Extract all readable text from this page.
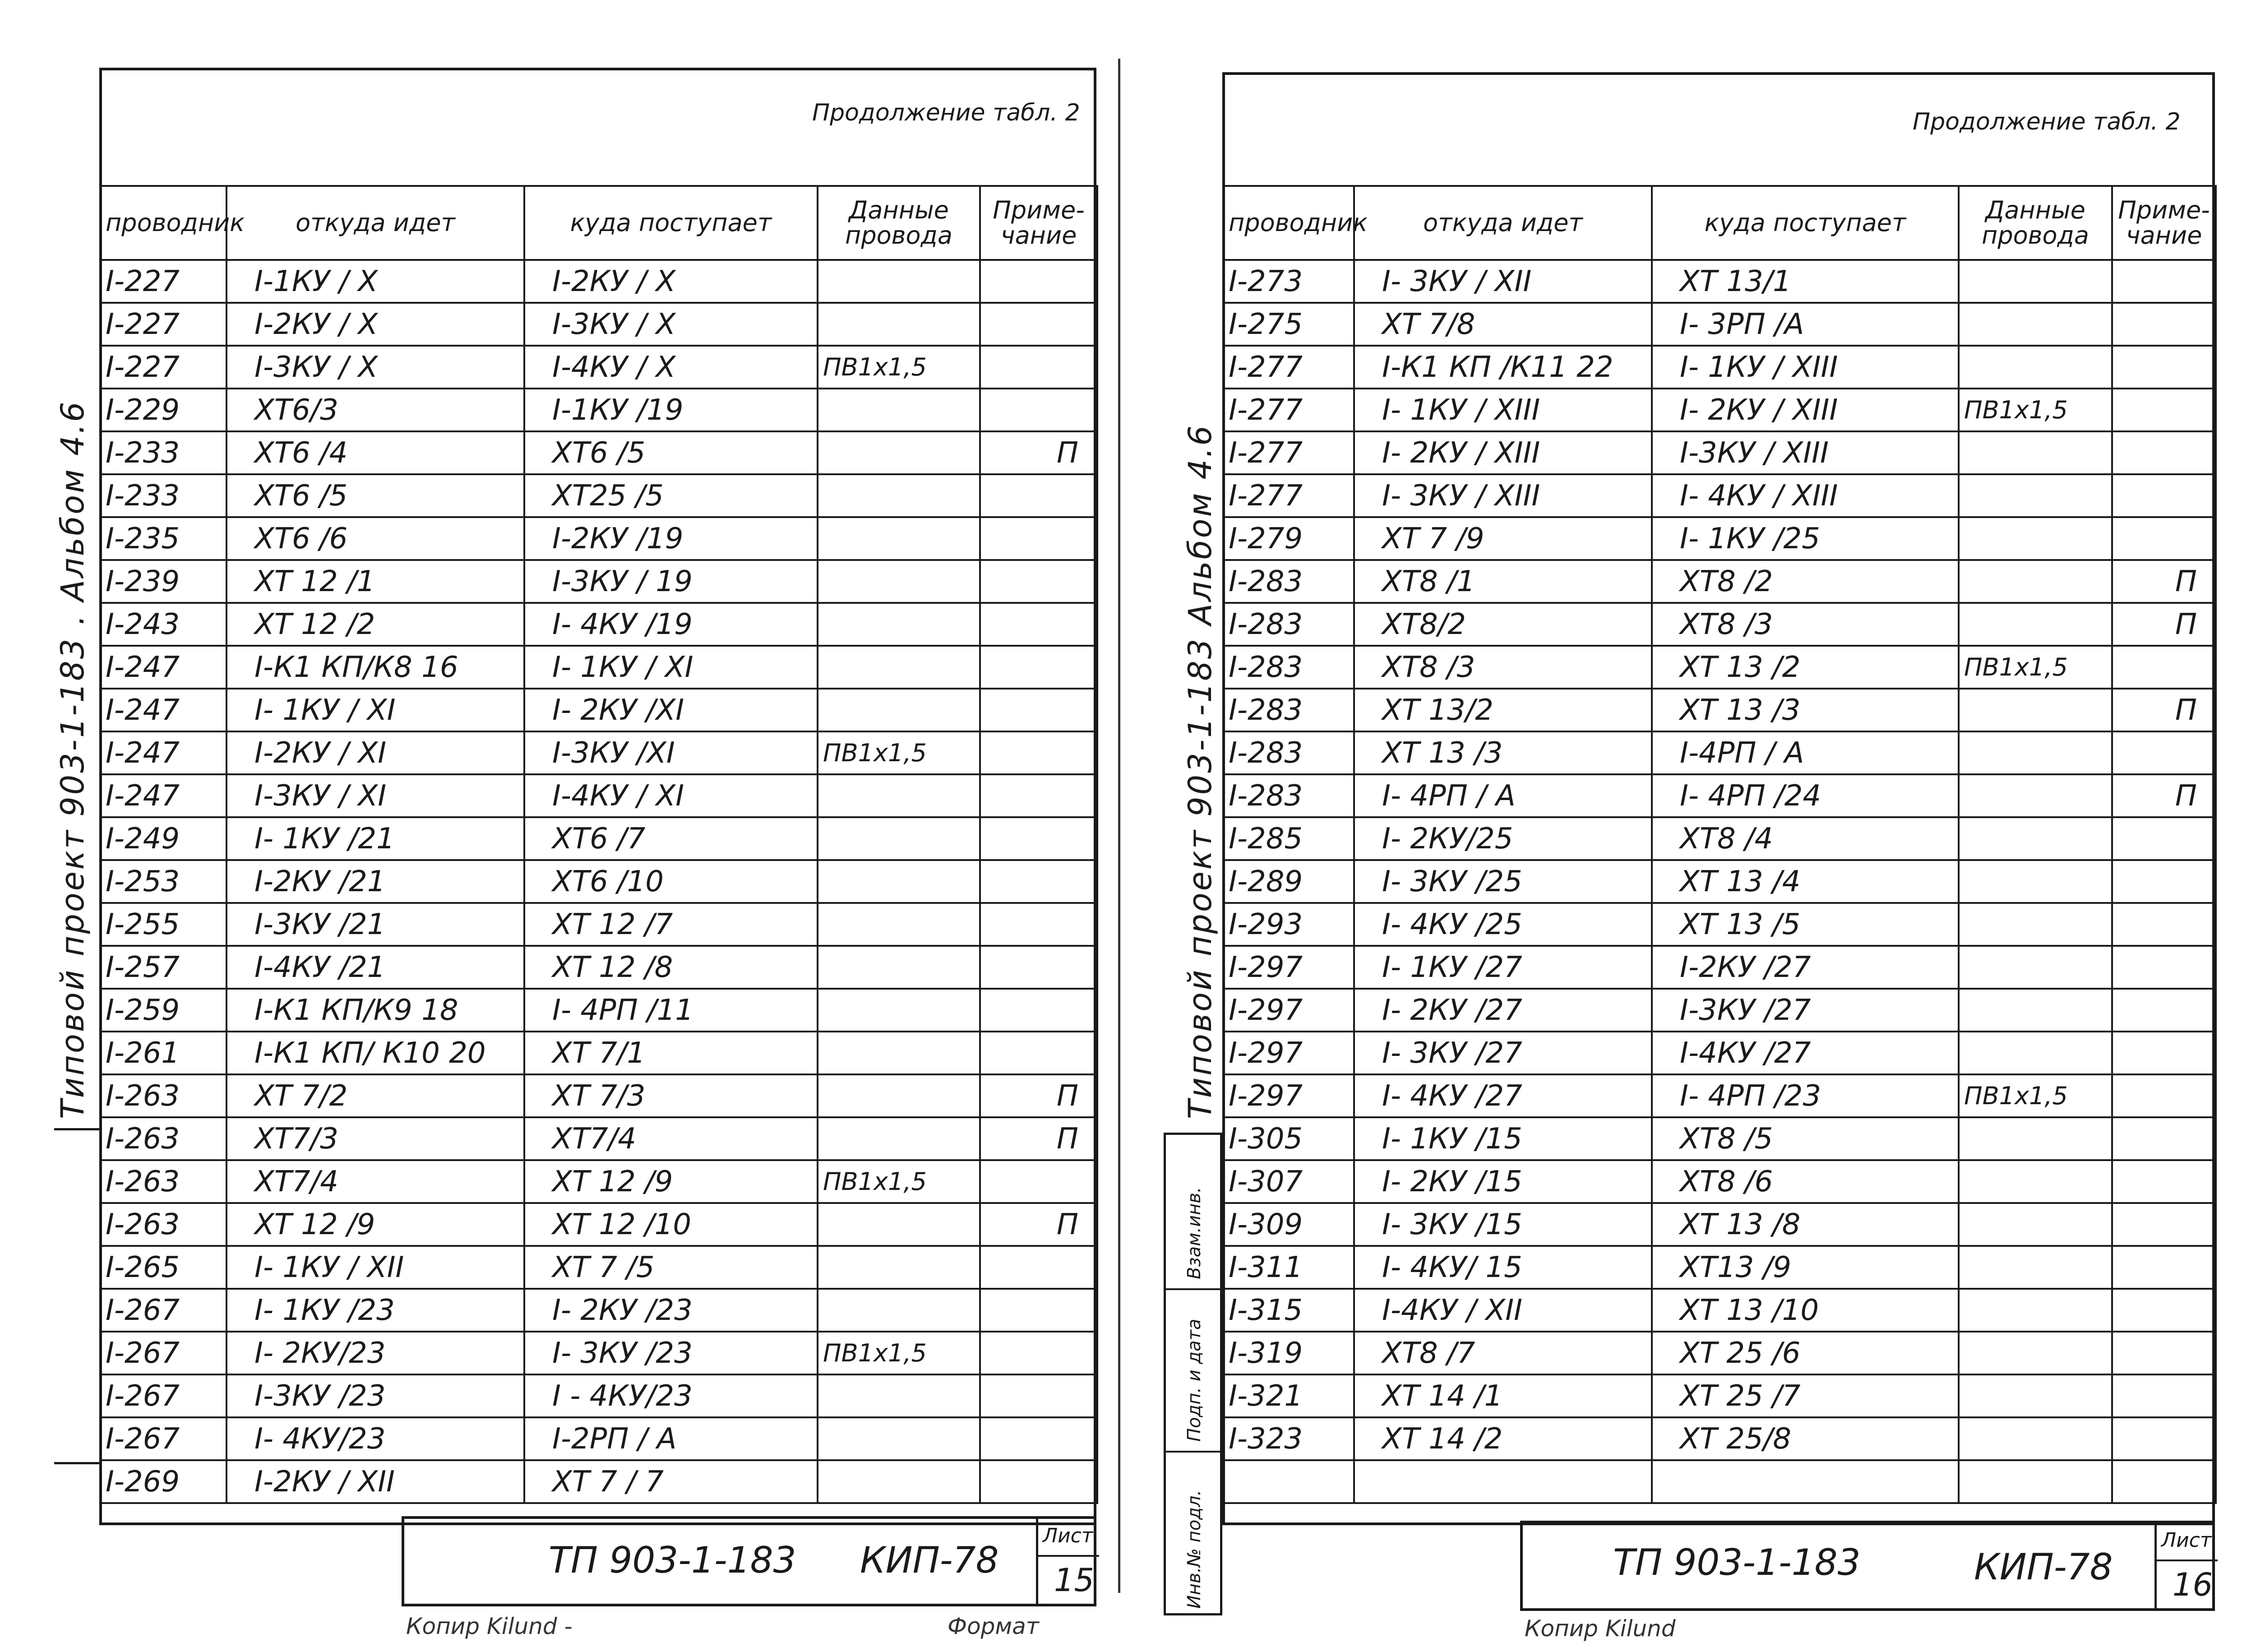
Продолжение табл. 2
Типовой проект 903-1-183 . Альбом 4.6
проводник	откуда идет	куда поступает	Данные провода	Приме- чание
I-227	I-1КУ / X	I-2КУ / X		
I-227	I-2КУ / X	I-3КУ / X		
I-227	I-3КУ / X	I-4КУ / X	ПВ1х1,5	
I-229	ХТ6/3	I-1КУ /19		
I-233	ХТ6 /4	ХТ6 /5		П
I-233	ХТ6 /5	ХТ25 /5		
I-235	ХТ6 /6	I-2КУ /19		
I-239	ХТ 12 /1	I-3КУ / 19		
I-243	ХТ 12 /2	I- 4КУ /19		
I-247	I-К1 КП/К8 16	I- 1КУ / XI		
I-247	I- 1КУ / XI	I- 2КУ /XI		
I-247	I-2КУ / XI	I-3КУ /XI	ПВ1х1,5	
I-247	I-3КУ / XI	I-4КУ / XI		
I-249	I- 1КУ /21	ХТ6 /7		
I-253	I-2КУ /21	ХТ6 /10		
I-255	I-3КУ /21	ХТ 12 /7		
I-257	I-4КУ /21	ХТ 12 /8		
I-259	I-К1 КП/К9 18	I- 4РП /11		
I-261	I-К1 КП/ К10 20	ХТ 7/1		
I-263	ХТ 7/2	ХТ 7/3		П
I-263	ХТ7/3	ХТ7/4		П
I-263	ХТ7/4	ХТ 12 /9	ПВ1х1,5	
I-263	ХТ 12 /9	ХТ 12 /10		П
I-265	I- 1КУ / XII	ХТ 7 /5		
I-267	I- 1КУ /23	I- 2КУ /23		
I-267	I- 2КУ/23	I- 3КУ /23	ПВ1х1,5	
I-267	I-3КУ /23	I - 4КУ/23		
I-267	I- 4КУ/23	I-2РП / А		
I-269	I-2КУ / XII	ХТ 7 / 7		
ТП 903-1-183 КИП-78
Лист
15
Копир Kilund -	Формат
Продолжение табл. 2
Типовой проект 903-1-183 Альбом 4.6
проводник	откуда идет	куда поступает	Данные провода	Приме- чание
I-273	I- 3КУ / XII	ХТ 13/1		
I-275	ХТ 7/8	I- 3РП /А		
I-277	I-К1 КП /К11 22	I- 1КУ / XIII		
I-277	I- 1КУ / XIII	I- 2КУ / XIII	ПВ1х1,5	
I-277	I- 2КУ / XIII	I-3КУ / XIII		
I-277	I- 3КУ / XIII	I- 4КУ / XIII		
I-279	ХТ 7 /9	I- 1КУ /25		
I-283	ХТ8 /1	ХТ8 /2		П
I-283	ХТ8/2	ХТ8 /3		П
I-283	ХТ8 /3	ХТ 13 /2	ПВ1х1,5	
I-283	ХТ 13/2	ХТ 13 /3		П
I-283	ХТ 13 /3	I-4РП / А		
I-283	I- 4РП / А	I- 4РП /24		П
I-285	I- 2КУ/25	ХТ8 /4		
I-289	I- 3КУ /25	ХТ 13 /4		
I-293	I- 4КУ /25	ХТ 13 /5		
I-297	I- 1КУ /27	I-2КУ /27		
I-297	I- 2КУ /27	I-3КУ /27		
I-297	I- 3КУ /27	I-4КУ /27		
I-297	I- 4КУ /27	I- 4РП /23	ПВ1х1,5	
I-305	I- 1КУ /15	ХТ8 /5		
I-307	I- 2КУ /15	ХТ8 /6		
I-309	I- 3КУ /15	ХТ 13 /8		
I-311	I- 4КУ/ 15	ХТ13 /9		
I-315	I-4КУ / XII	ХТ 13 /10		
I-319	ХТ8 /7	ХТ 25 /6		
I-321	ХТ 14 /1	ХТ 25 /7		
I-323	ХТ 14 /2	ХТ 25/8		

Взам.инв.
Подп. и дата
Инв.№ подл.	ТП 903-1-183	КИП-78
Лист
16
Копир Kilund
